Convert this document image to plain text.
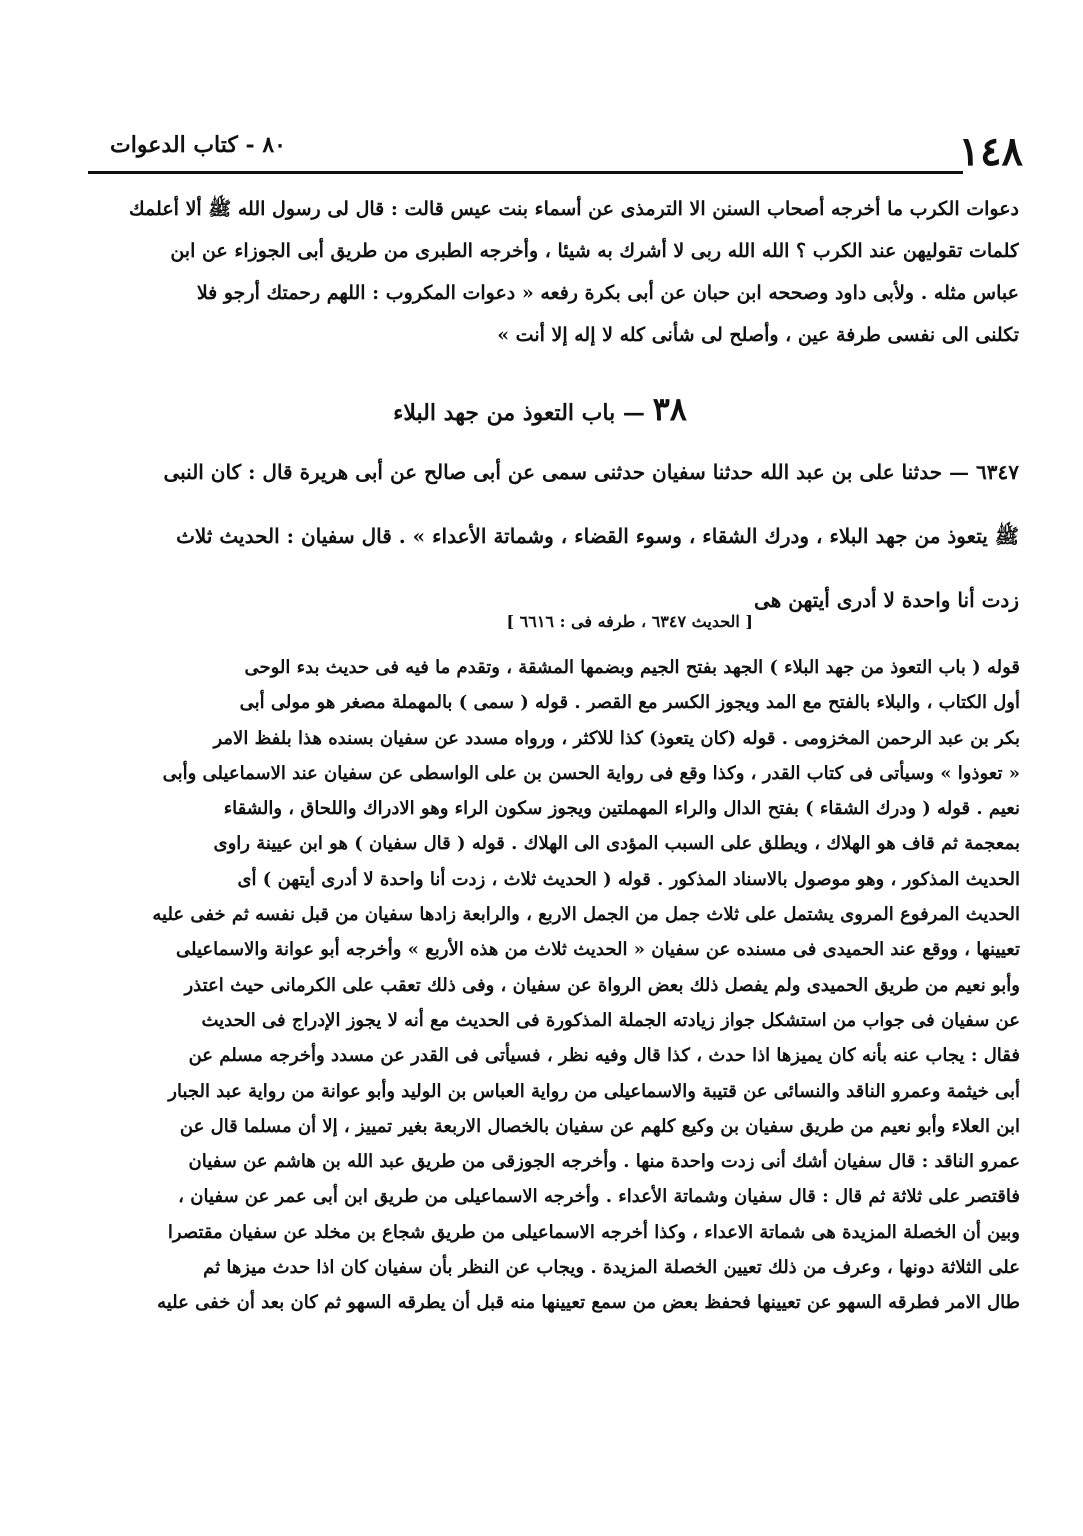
١٤٨
٨٠ - كتاب الدعوات
دعوات الكرب ما أخرجه أصحاب السنن الا الترمذى عن أسماء بنت عيس قالت : قال لى رسول الله ﷺ ألا أعلمك
كلمات تقوليهن عند الكرب ؟ الله الله ربى لا أشرك به شيئا ، وأخرجه الطبرى من طريق أبى الجوزاء عن ابن
عباس مثله . ولأبى داود وصححه ابن حبان عن أبى بكرة رفعه « دعوات المكروب : اللهم رحمتك أرجو فلا
تكلنى الى نفسى طرفة عين ، وأصلح لى شأنى كله لا إله إلا أنت »
٣٨ — باب التعوذ من جهد البلاء
٦٣٤٧ — حدثنا على بن عبد الله حدثنا سفيان حدثنى سمى عن أبى صالح عن أبى هريرة قال : كان النبى
ﷺ يتعوذ من جهد البلاء ، ودرك الشقاء ، وسوء القضاء ، وشماتة الأعداء » . قال سفيان : الحديث ثلاث
زدت أنا واحدة لا أدرى أيتهن هى
[ الحديث ٦٣٤٧ ، طرفه فى : ٦٦١٦ ]
قوله ( باب التعوذ من جهد البلاء ) الجهد بفتح الجيم وبضمها المشقة ، وتقدم ما فيه فى حديث بدء الوحى
أول الكتاب ، والبلاء بالفتح مع المد ويجوز الكسر مع القصر . قوله ( سمى ) بالمهملة مصغر هو مولى أبى
بكر بن عبد الرحمن المخزومى . قوله (كان يتعوذ) كذا للاكثر ، ورواه مسدد عن سفيان بسنده هذا بلفظ الامر
« تعوذوا » وسيأتى فى كتاب القدر ، وكذا وقع فى رواية الحسن بن على الواسطى عن سفيان عند الاسماعيلى وأبى
نعيم . قوله ( ودرك الشقاء ) بفتح الدال والراء المهملتين ويجوز سكون الراء وهو الادراك واللحاق ، والشقاء
بمعجمة ثم قاف هو الهلاك ، ويطلق على السبب المؤدى الى الهلاك . قوله ( قال سفيان ) هو ابن عيينة راوى
الحديث المذكور ، وهو موصول بالاسناد المذكور . قوله ( الحديث ثلاث ، زدت أنا واحدة لا أدرى أيتهن ) أى
الحديث المرفوع المروى يشتمل على ثلاث جمل من الجمل الاربع ، والرابعة زادها سفيان من قبل نفسه ثم خفى عليه
تعيينها ، ووقع عند الحميدى فى مسنده عن سفيان « الحديث ثلاث من هذه الأربع » وأخرجه أبو عوانة والاسماعيلى
وأبو نعيم من طريق الحميدى ولم يفصل ذلك بعض الرواة عن سفيان ، وفى ذلك تعقب على الكرمانى حيث اعتذر
عن سفيان فى جواب من استشكل جواز زيادته الجملة المذكورة فى الحديث مع أنه لا يجوز الإدراج فى الحديث
فقال : يجاب عنه بأنه كان يميزها اذا حدث ، كذا قال وفيه نظر ، فسيأتى فى القدر عن مسدد وأخرجه مسلم عن
أبى خيثمة وعمرو الناقد والنسائى عن قتيبة والاسماعيلى من رواية العباس بن الوليد وأبو عوانة من رواية عبد الجبار
ابن العلاء وأبو نعيم من طريق سفيان بن وكيع كلهم عن سفيان بالخصال الاربعة بغير تمييز ، إلا أن مسلما قال عن
عمرو الناقد : قال سفيان أشك أنى زدت واحدة منها . وأخرجه الجوزقى من طريق عبد الله بن هاشم عن سفيان
فاقتصر على ثلاثة ثم قال : قال سفيان وشماتة الأعداء . وأخرجه الاسماعيلى من طريق ابن أبى عمر عن سفيان ،
وبين أن الخصلة المزيدة هى شماتة الاعداء ، وكذا أخرجه الاسماعيلى من طريق شجاع بن مخلد عن سفيان مقتصرا
على الثلاثة دونها ، وعرف من ذلك تعيين الخصلة المزيدة . ويجاب عن النظر بأن سفيان كان اذا حدث ميزها ثم
طال الامر فطرقه السهو عن تعيينها فحفظ بعض من سمع تعيينها منه قبل أن يطرقه السهو ثم كان بعد أن خفى عليه
